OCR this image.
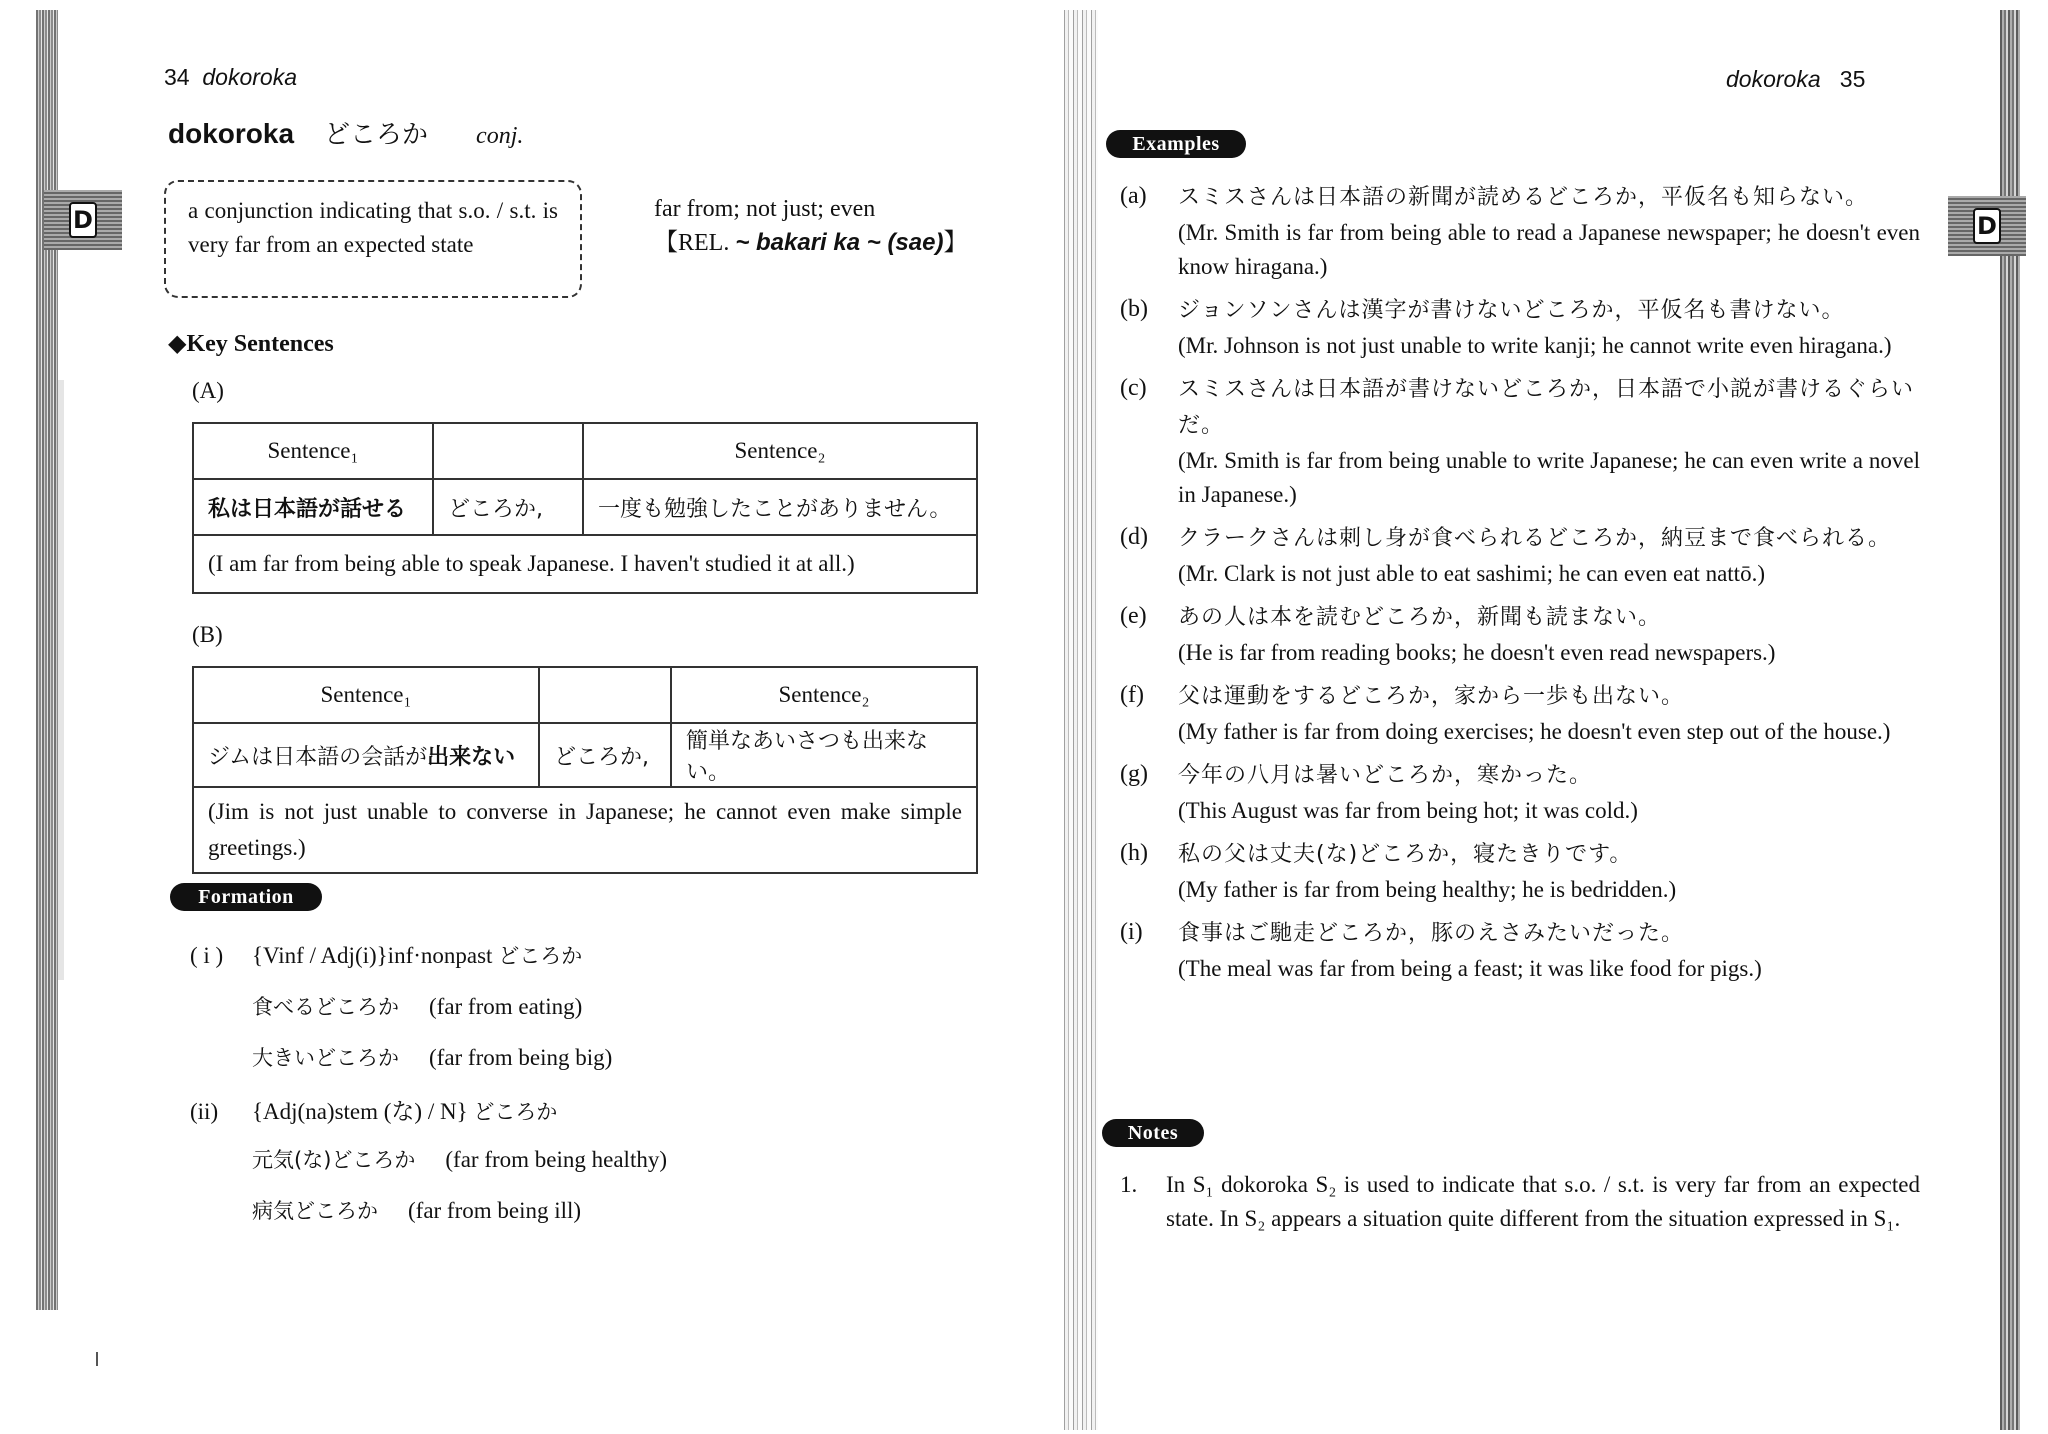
D
34 dokoroka
dokoroka どころか conj.
a conjunction indicating that s.o. / s.t. is very far from an expected state
far from; not just; even
【REL. ~ bakari ka ~ (sae)】
◆Key Sentences
(A)
Sentence₁		Sentence₂
私は日本語が話せる	どころか,	一度も勉強したことがありません。
(I am far from being able to speak Japanese. I haven't studied it at all.)		
(B)
Sentence₁		Sentence₂
ジムは日本語の会話が出来ない	どころか,	簡単なあいさつも出来ない。
(Jim is not just unable to converse in Japanese; he cannot even make simple greetings.)		
Formation
( i )	{Vinf / Adj(i)}inf·nonpast どころか
食べるどころか (far from eating)
大きいどころか (far from being big)
(ii)	{Adj(na)stem (な) / N} どころか
元気(な)どころか (far from being healthy)
病気どころか (far from being ill)
D
dokoroka 35
Examples
(a)	スミスさんは日本語の新聞が読めるどころか，平仮名も知らない。
(Mr. Smith is far from being able to read a Japanese newspaper; he doesn't even know hiragana.)
(b)	ジョンソンさんは漢字が書けないどころか，平仮名も書けない。
(Mr. Johnson is not just unable to write kanji; he cannot write even hiragana.)
(c)	スミスさんは日本語が書けないどころか，日本語で小説が書けるぐらいだ。
(Mr. Smith is far from being unable to write Japanese; he can even write a novel in Japanese.)
(d)	クラークさんは刺し身が食べられるどころか，納豆まで食べられる。
(Mr. Clark is not just able to eat sashimi; he can even eat nattō.)
(e)	あの人は本を読むどころか，新聞も読まない。
(He is far from reading books; he doesn't even read newspapers.)
(f)	父は運動をするどころか，家から一歩も出ない。
(My father is far from doing exercises; he doesn't even step out of the house.)
(g)	今年の八月は暑いどころか，寒かった。
(This August was far from being hot; it was cold.)
(h)	私の父は丈夫(な)どころか，寝たきりです。
(My father is far from being healthy; he is bedridden.)
(i)	食事はご馳走どころか，豚のえさみたいだった。
(The meal was far from being a feast; it was like food for pigs.)
Notes
1.	In S₁ dokoroka S₂ is used to indicate that s.o. / s.t. is very far from an expected state. In S₂ appears a situation quite different from the situation expressed in S₁.
